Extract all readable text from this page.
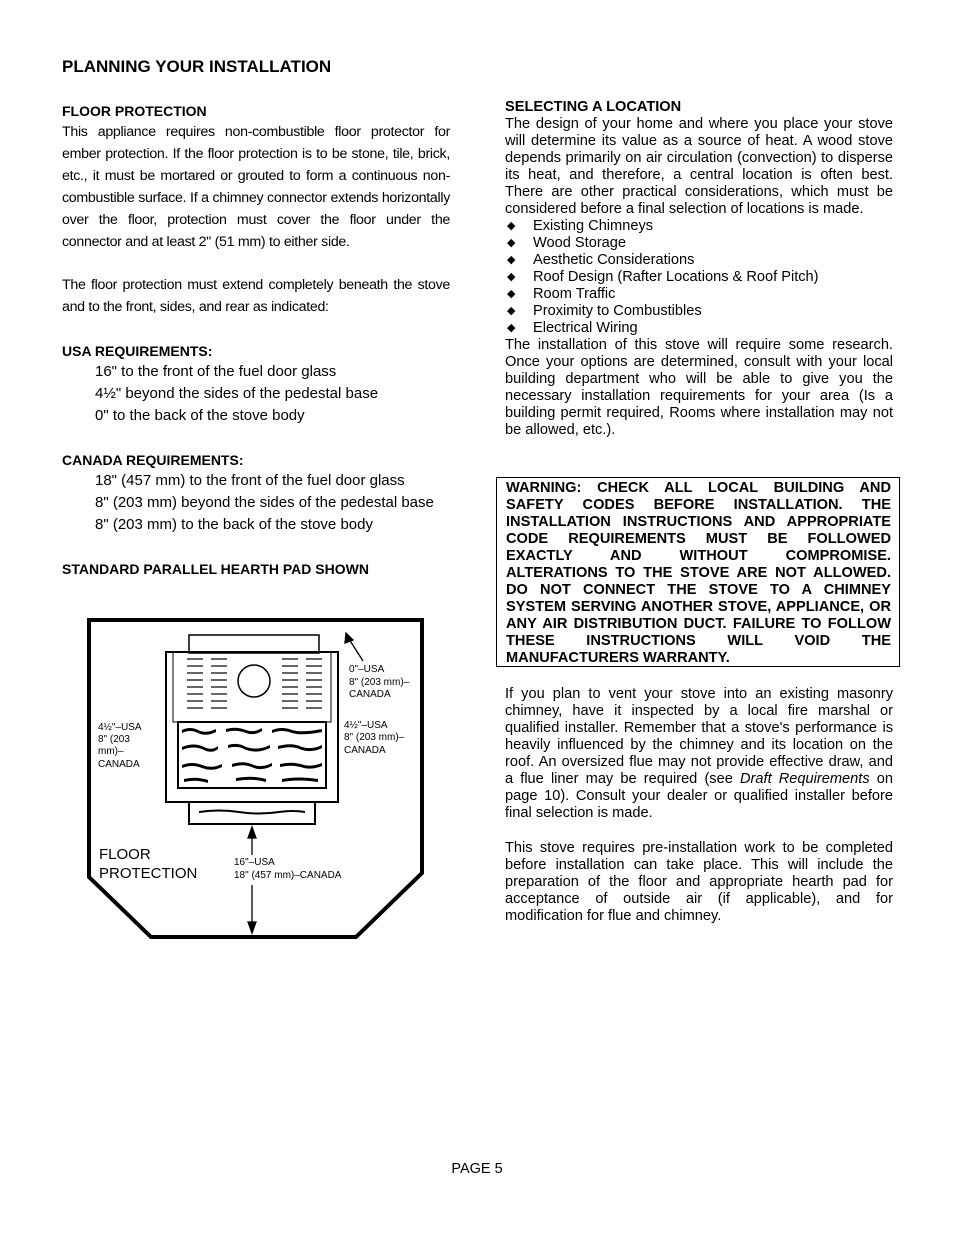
PLANNING YOUR INSTALLATION

FLOOR PROTECTION

This appliance requires non-combustible floor protector for ember protection. If the floor protection is to be stone, tile, brick, etc., it must be mortared or grouted to form a continuous non-combustible surface. If a chimney connector extends horizontally over the floor, protection must cover the floor under the connector and at least 2" (51 mm) to either side.

The floor protection must extend completely beneath the stove and to the front, sides, and rear as indicated:

USA REQUIREMENTS:

16" to the front of the fuel door glass
4½" beyond the sides of the pedestal base
0" to the back of the stove body

CANADA REQUIREMENTS:

18" (457 mm) to the front of the fuel door glass
8" (203 mm) beyond the sides of the pedestal base
8" (203 mm) to the back of the stove body

STANDARD PARALLEL HEARTH PAD SHOWN

0"–USA
8" (203 mm)–
CANADA
4½"–USA
8" (203
mm)–
CANADA
4½"–USA
8" (203 mm)–
CANADA
16"–USA
18" (457 mm)–CANADA
FLOOR
PROTECTION

SELECTING A LOCATION

The design of your home and where you place your stove will determine its value as a source of heat. A wood stove depends primarily on air circulation (convection) to disperse its heat, and therefore, a central location is often best. There are other practical considerations, which must be considered before a final selection of locations is made.

◆ Existing Chimneys
◆ Wood Storage
◆ Aesthetic Considerations
◆ Roof Design (Rafter Locations & Roof Pitch)
◆ Room Traffic
◆ Proximity to Combustibles
◆ Electrical Wiring

The installation of this stove will require some research. Once your options are determined, consult with your local building department who will be able to give you the necessary installation requirements for your area (Is a building permit required, Rooms where installation may not be allowed, etc.).

WARNING: CHECK ALL LOCAL BUILDING AND SAFETY CODES BEFORE INSTALLATION. THE INSTALLATION INSTRUCTIONS AND APPROPRIATE CODE REQUIREMENTS MUST BE FOLLOWED EXACTLY AND WITHOUT COMPROMISE. ALTERATIONS TO THE STOVE ARE NOT ALLOWED. DO NOT CONNECT THE STOVE TO A CHIMNEY SYSTEM SERVING ANOTHER STOVE, APPLIANCE, OR ANY AIR DISTRIBUTION DUCT. FAILURE TO FOLLOW THESE INSTRUCTIONS WILL VOID THE MANUFACTURERS WARRANTY.

If you plan to vent your stove into an existing masonry chimney, have it inspected by a local fire marshal or qualified installer. Remember that a stove's performance is heavily influenced by the chimney and its location on the roof. An oversized flue may not provide effective draw, and a flue liner may be required (see Draft Requirements on page 10). Consult your dealer or qualified installer before final selection is made.

This stove requires pre-installation work to be completed before installation can take place. This will include the preparation of the floor and appropriate hearth pad for acceptance of outside air (if applicable), and for modification for flue and chimney.

PAGE 5
